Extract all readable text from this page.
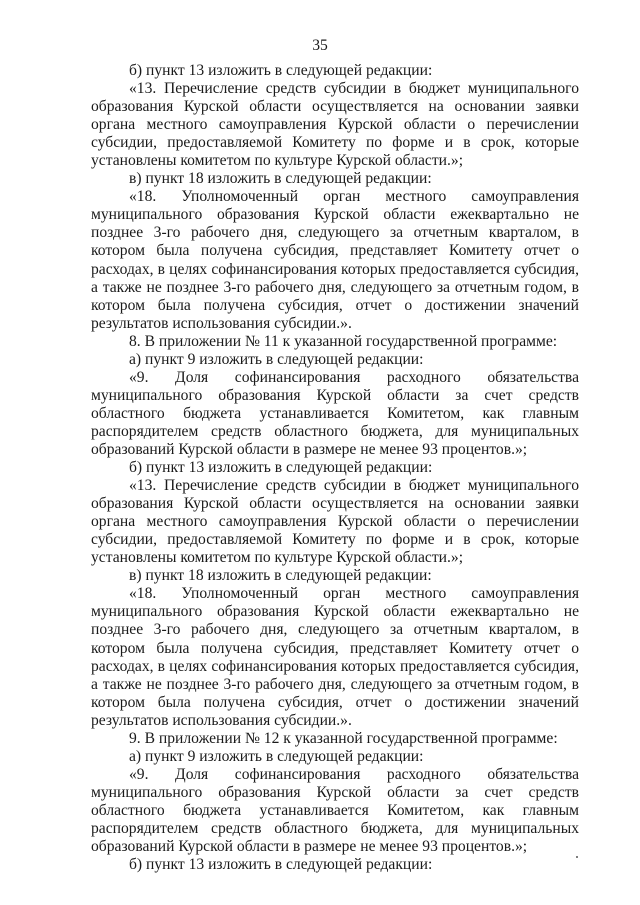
35

б) пункт 13 изложить в следующей редакции:

«13. Перечисление средств субсидии в бюджет муниципального образования Курской области осуществляется на основании заявки органа местного самоуправления Курской области о перечислении субсидии, предоставляемой Комитету по форме и в срок, которые установлены комитетом по культуре Курской области.»;

в) пункт 18 изложить в следующей редакции:

«18. Уполномоченный орган местного самоуправления муниципального образования Курской области ежеквартально не позднее 3-го рабочего дня, следующего за отчетным кварталом, в котором была получена субсидия, представляет Комитету отчет о расходах, в целях софинансирования которых предоставляется субсидия, а также не позднее 3-го рабочего дня, следующего за отчетным годом, в котором была получена субсидия, отчет о достижении значений результатов использования субсидии.».

8. В приложении № 11 к указанной государственной программе:

а) пункт 9 изложить в следующей редакции:

«9. Доля софинансирования расходного обязательства муниципального образования Курской области за счет средств областного бюджета устанавливается Комитетом, как главным распорядителем средств областного бюджета, для муниципальных образований Курской области в размере не менее 93 процентов.»;

б) пункт 13 изложить в следующей редакции:

«13. Перечисление средств субсидии в бюджет муниципального образования Курской области осуществляется на основании заявки органа местного самоуправления Курской области о перечислении субсидии, предоставляемой Комитету по форме и в срок, которые установлены комитетом по культуре Курской области.»;

в) пункт 18 изложить в следующей редакции:

«18. Уполномоченный орган местного самоуправления муниципального образования Курской области ежеквартально не позднее 3-го рабочего дня, следующего за отчетным кварталом, в котором была получена субсидия, представляет Комитету отчет о расходах, в целях софинансирования которых предоставляется субсидия, а также не позднее 3-го рабочего дня, следующего за отчетным годом, в котором была получена субсидия, отчет о достижении значений результатов использования субсидии.».

9. В приложении № 12 к указанной государственной программе:

а) пункт 9 изложить в следующей редакции:

«9. Доля софинансирования расходного обязательства муниципального образования Курской области за счет средств областного бюджета устанавливается Комитетом, как главным распорядителем средств областного бюджета, для муниципальных образований Курской области в размере не менее 93 процентов.»;

б) пункт 13 изложить в следующей редакции:
